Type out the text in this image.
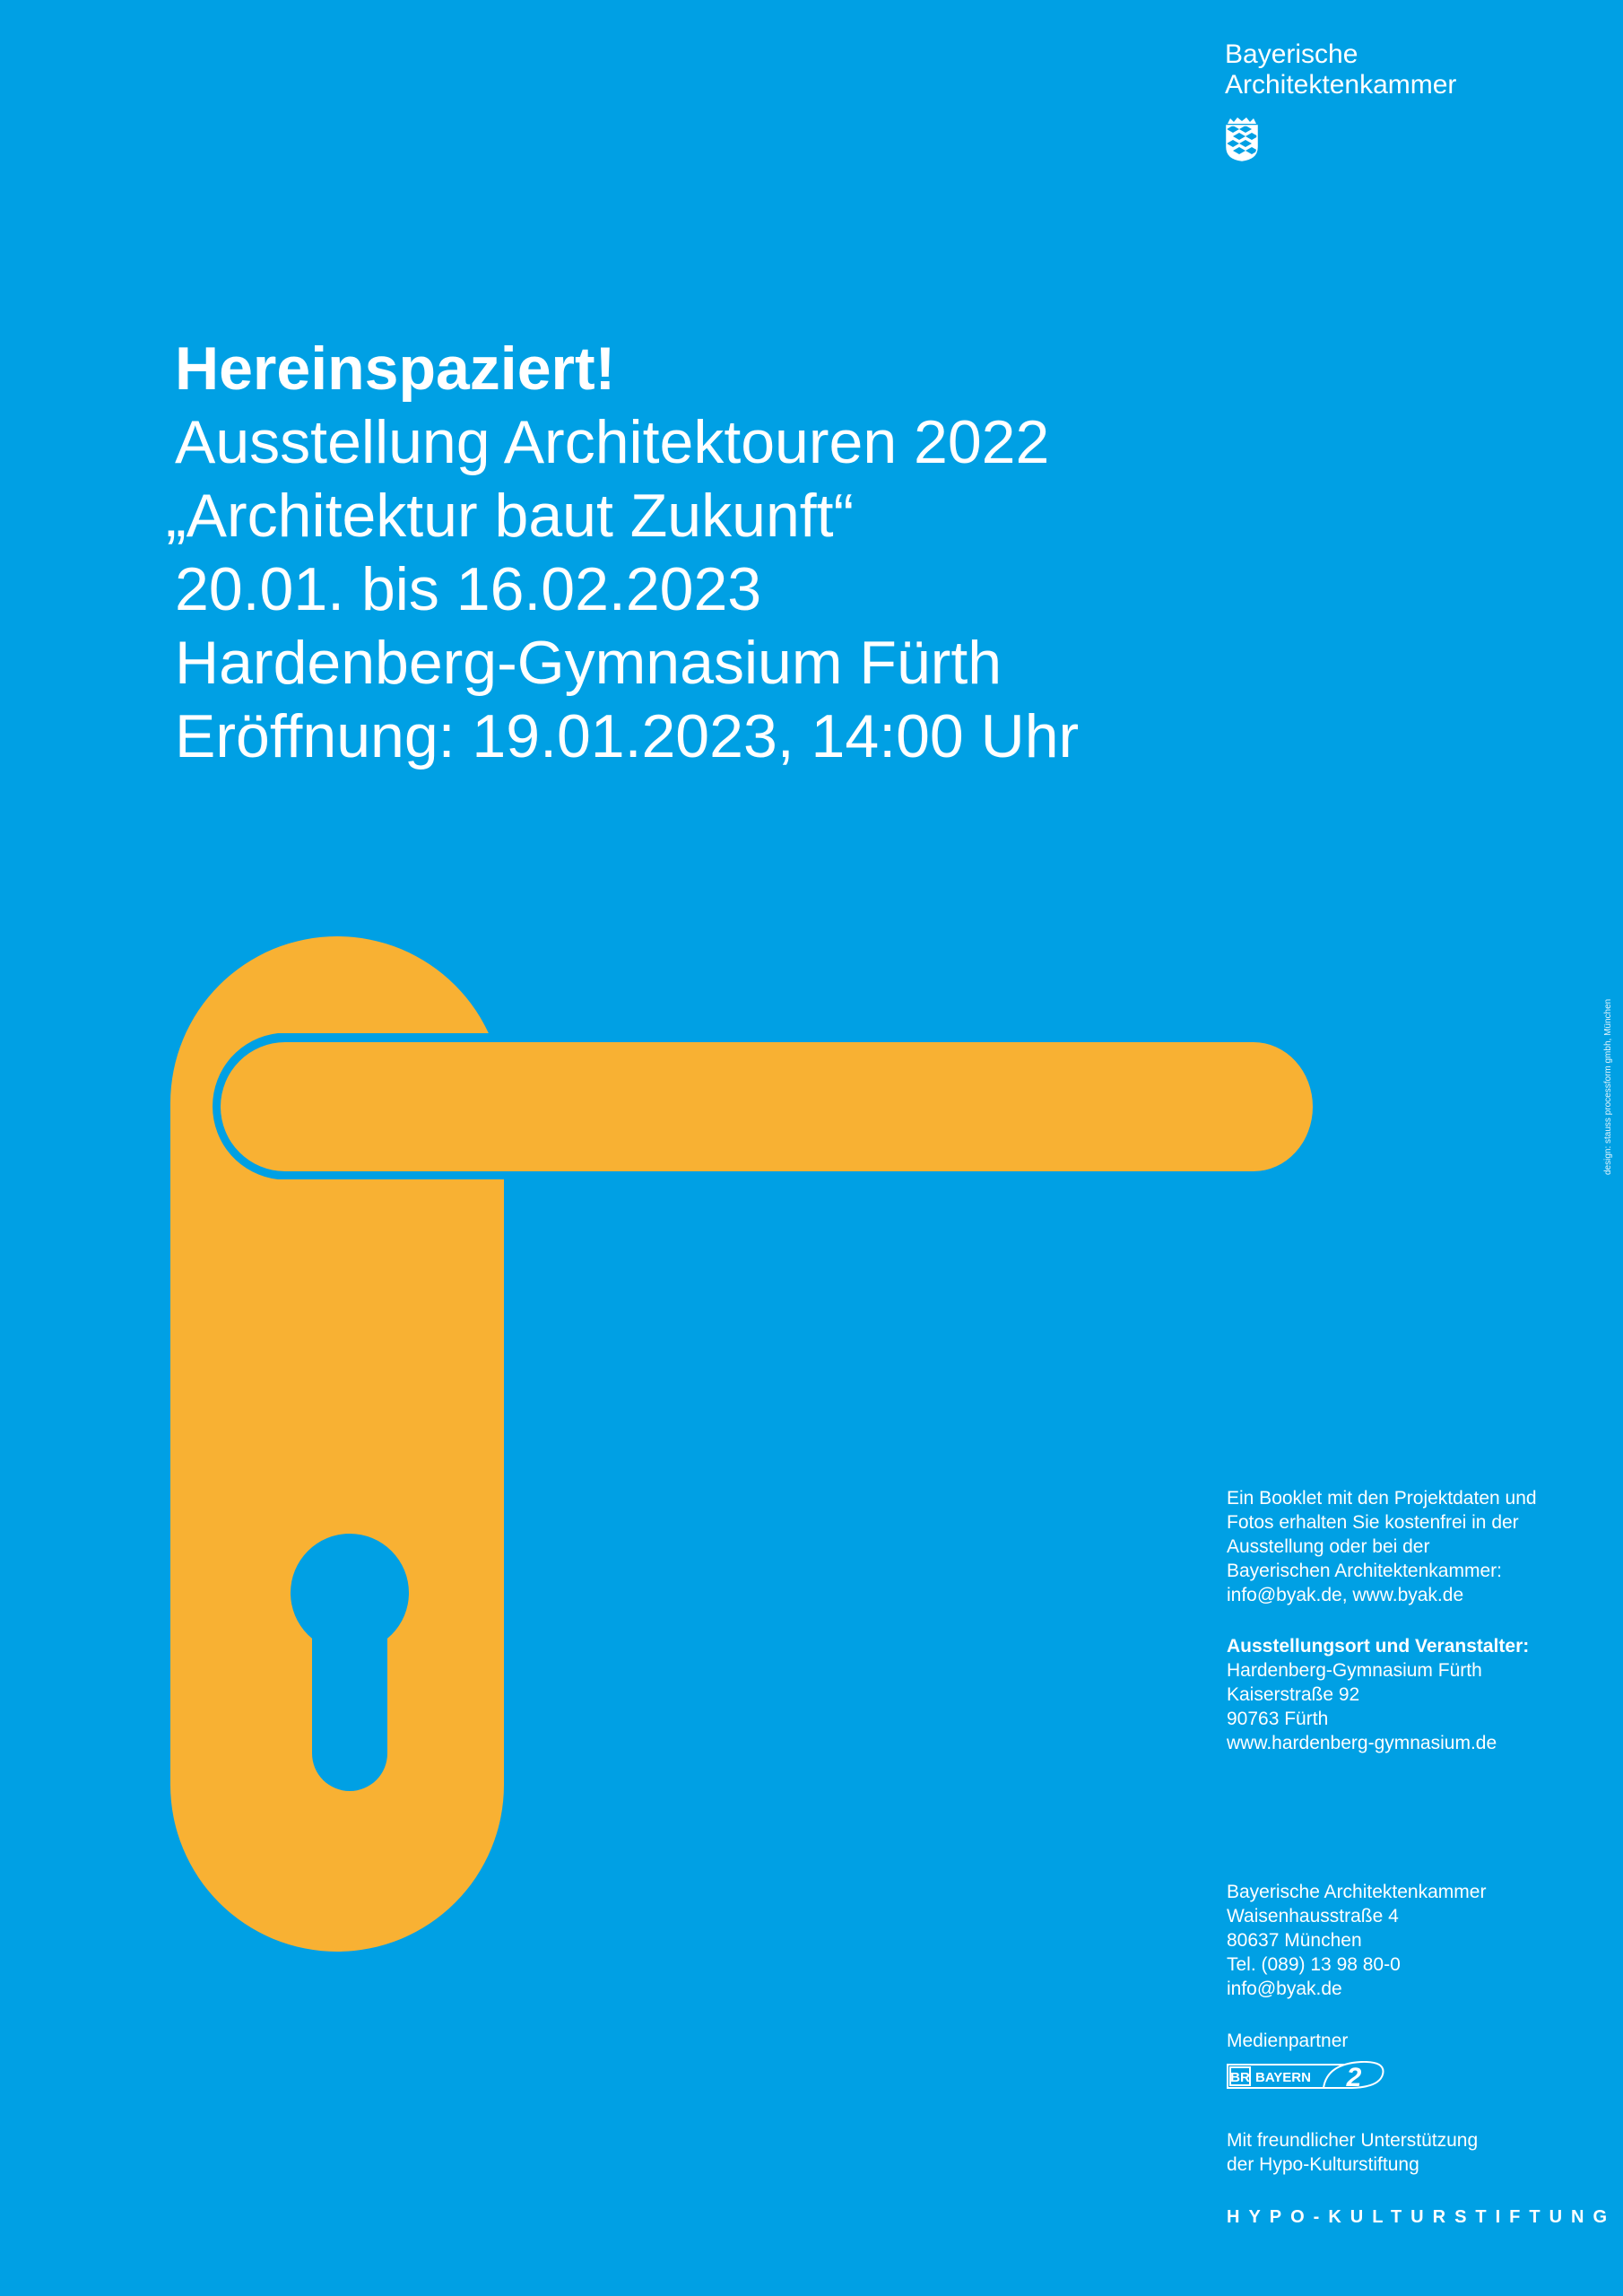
Bayerische
Architektenkammer
Hereinspaziert!
Ausstellung Architektouren 2022
„Architektur baut Zukunft“
20.01. bis 16.02.2023
Hardenberg-Gymnasium Fürth
Eröffnung: 19.01.2023, 14:00 Uhr
design: stauss processform gmbh, München
Ein Booklet mit den Projektdaten und
Fotos erhalten Sie kostenfrei in der
Ausstellung oder bei der
Bayerischen Architektenkammer:
info@byak.de, www.byak.de
Ausstellungsort und Veranstalter:
Hardenberg-Gymnasium Fürth
Kaiserstraße 92
90763 Fürth
www.hardenberg-gymnasium.de
Bayerische Architektenkammer
Waisenhausstraße 4
80637 München
Tel. (089) 13 98 80-0
info@byak.de
Medienpartner
BR BAYERN 2
Mit freundlicher Unterstützung
der Hypo-Kulturstiftung
HYPO-KULTURSTIFTUNG
